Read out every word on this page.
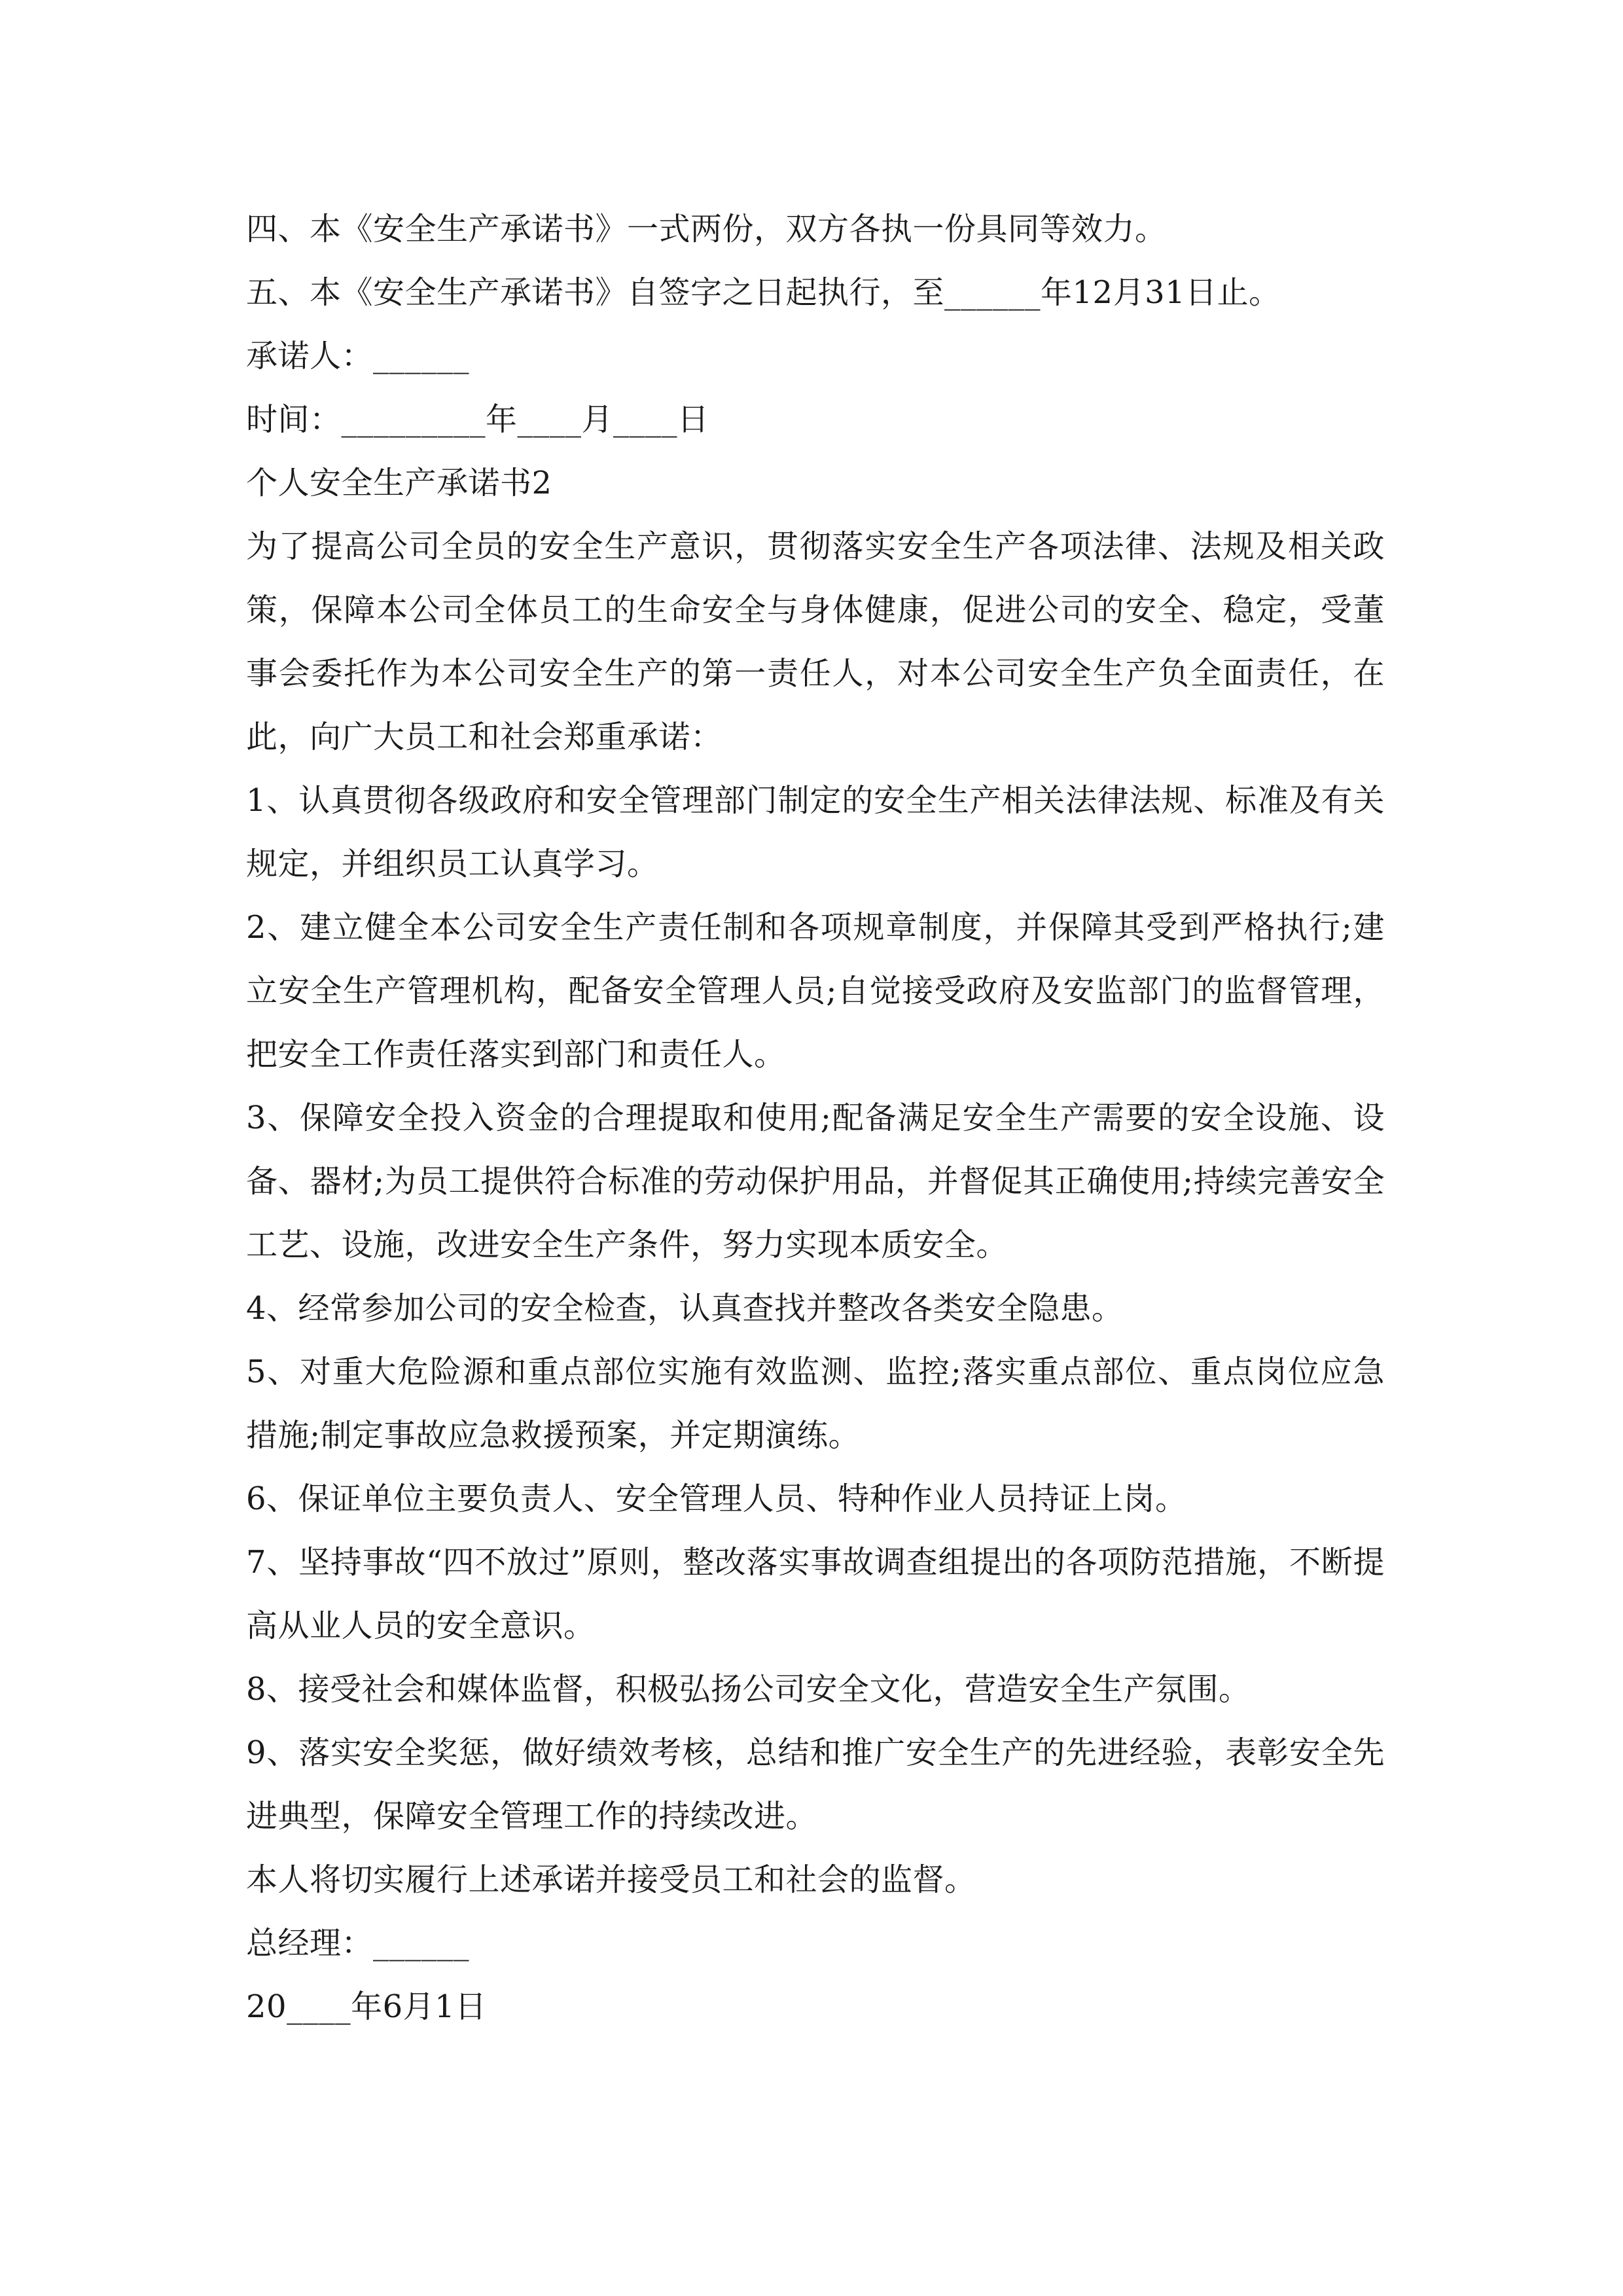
四、本《安全生产承诺书》一式两份，双方各执一份具同等效力。

五、本《安全生产承诺书》自签字之日起执行，至______年12月31日止。

承诺人：______

时间：_________年____月____日

个人安全生产承诺书2

为了提高公司全员的安全生产意识，贯彻落实安全生产各项法律、法规及相关政策，保障本公司全体员工的生命安全与身体健康，促进公司的安全、稳定，受董事会委托作为本公司安全生产的第一责任人，对本公司安全生产负全面责任，在此，向广大员工和社会郑重承诺：

1、认真贯彻各级政府和安全管理部门制定的安全生产相关法律法规、标准及有关规定，并组织员工认真学习。

2、建立健全本公司安全生产责任制和各项规章制度，并保障其受到严格执行;建立安全生产管理机构，配备安全管理人员;自觉接受政府及安监部门的监督管理，把安全工作责任落实到部门和责任人。

3、保障安全投入资金的合理提取和使用;配备满足安全生产需要的安全设施、设备、器材;为员工提供符合标准的劳动保护用品，并督促其正确使用;持续完善安全工艺、设施，改进安全生产条件，努力实现本质安全。

4、经常参加公司的安全检查，认真查找并整改各类安全隐患。

5、对重大危险源和重点部位实施有效监测、监控;落实重点部位、重点岗位应急措施;制定事故应急救援预案，并定期演练。

6、保证单位主要负责人、安全管理人员、特种作业人员持证上岗。

7、坚持事故“四不放过”原则，整改落实事故调查组提出的各项防范措施，不断提高从业人员的安全意识。

8、接受社会和媒体监督，积极弘扬公司安全文化，营造安全生产氛围。

9、落实安全奖惩，做好绩效考核，总结和推广安全生产的先进经验，表彰安全先进典型，保障安全管理工作的持续改进。

本人将切实履行上述承诺并接受员工和社会的监督。

总经理：______

20____年6月1日
